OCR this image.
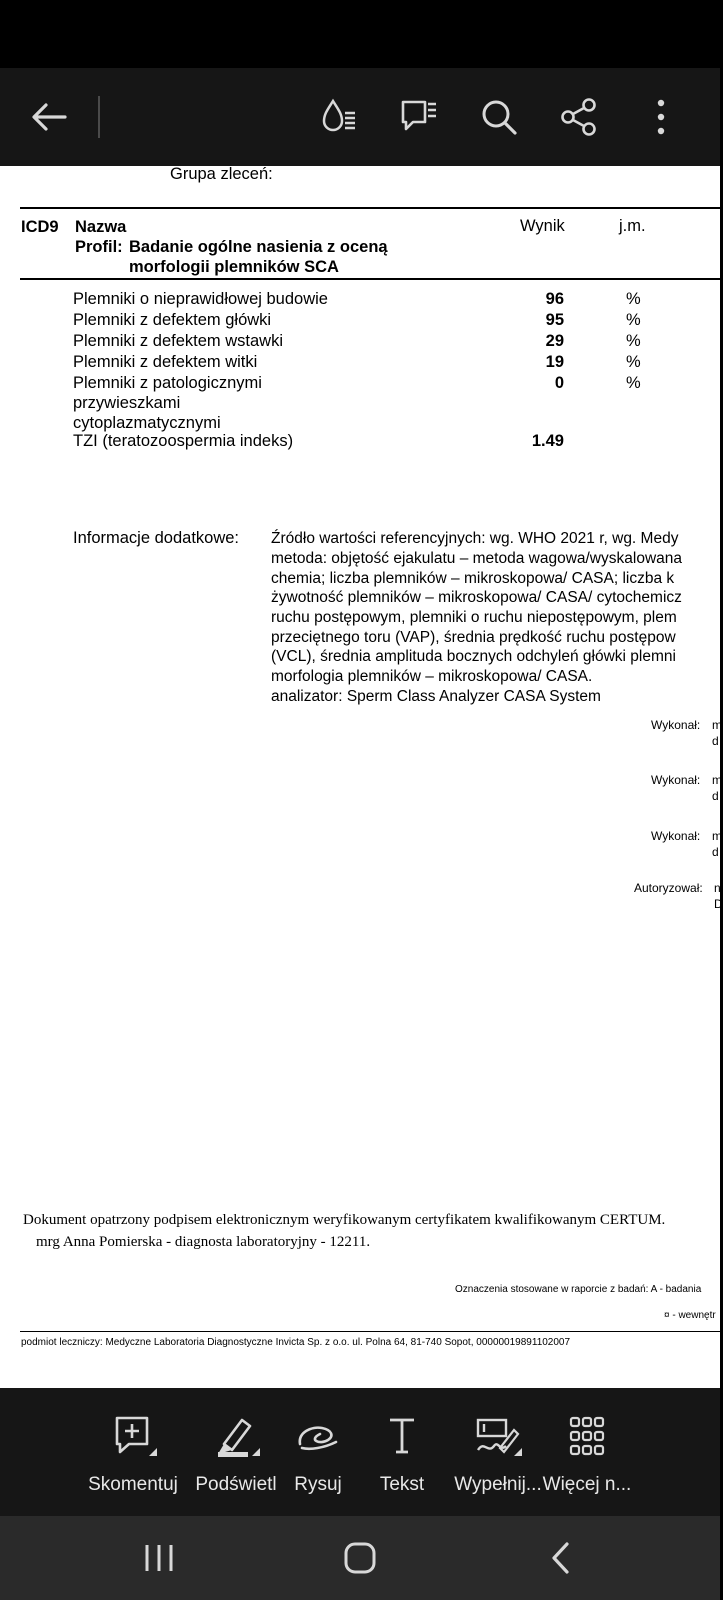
Grupa zleceń:
ICD9 Nazwa	Wynik	j.m.
Profil: Badanie ogólne nasienia z oceną
morfologii plemników SCA
Plemniki o nieprawidłowej budowie	96	%
Plemniki z defektem główki	95	%
Plemniki z defektem wstawki	29	%
Plemniki z defektem witki	19	%
Plemniki z patologicznymi
przywieszkami
cytoplazmatycznymi
0	%
TZI (teratozoospermia indeks)	1.49
Informacje dodatkowe: Źródło wartości referencyjnych: wg. WHO 2021 r, wg. Medy
metoda: objętość ejakulatu – metoda wagowa/wyskalowana
chemia; liczba plemników – mikroskopowa/ CASA; liczba k
żywotność plemników – mikroskopowa/ CASA/ cytochemicz
ruchu postępowym, plemniki o ruchu niepostępowym, plem
przeciętnego toru (VAP), średnia prędkość ruchu postępow
(VCL), średnia amplituda bocznych odchyleń główki plemni
morfologia plemników – mikroskopowa/ CASA.
analizator: Sperm Class Analyzer CASA System
Wykonał: m
d
Wykonał: m
d
Wykonał: m
d
Autoryzował: n
D
Dokument opatrzony podpisem elektronicznym weryfikowanym certyfikatem kwalifikowanym CERTUM.
mrg Anna Pomierska - diagnosta laboratoryjny - 12211.
Oznaczenia stosowane w raporcie z badań: A - badania
¤ - wewnętr
podmiot leczniczy: Medyczne Laboratoria Diagnostyczne Invicta Sp. z o.o. ul. Polna 64, 81-740 Sopot, 00000019891102007
Skomentuj Podświetl Rysuj Tekst Wypełnij... Więcej n...
